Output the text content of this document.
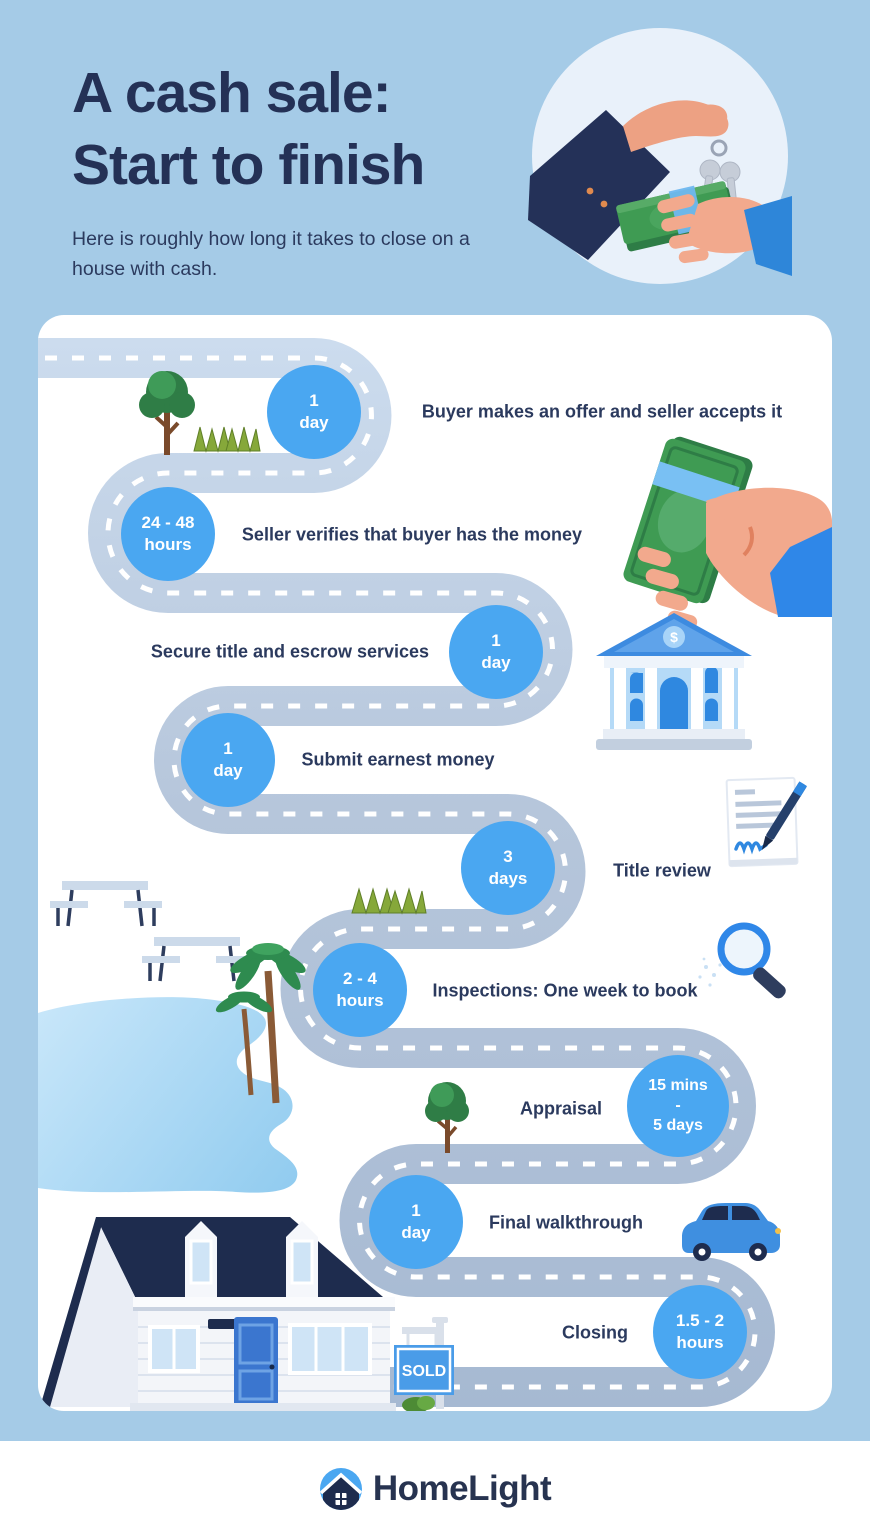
A cash sale:
Start to finish
Here is roughly how long it takes to close on a house with cash.
$
SOLD
1
day
24 - 48
hours
1
day
1
day
3
days
2 - 4
hours
15 mins
-
5 days
1
day
1.5 - 2
hours
Buyer makes an offer and seller accepts it
Seller verifies that buyer has the money
Secure title and escrow services
Submit earnest money
Title review
Inspections: One week to book
Appraisal
Final walkthrough
Closing
HomeLight
